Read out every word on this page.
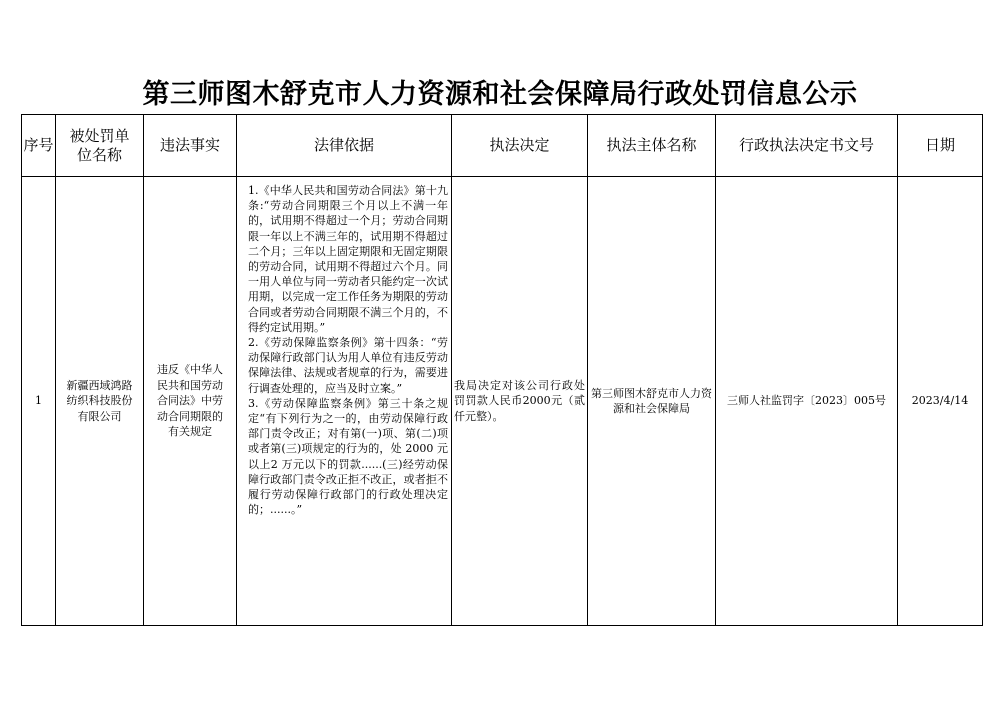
第三师图木舒克市人力资源和社会保障局行政处罚信息公示
序号	被处罚单位名称	违法事实	法律依据	执法决定	执法主体名称	行政执法决定书文号	日期
1	新疆西域鸿路纺织科技股份有限公司	违反《中华人民共和国劳动合同法》中劳动合同期限的有关规定	1.《中华人民共和国劳动合同法》第十九条:“劳动合同期限三个月以上不满一年的，试用期不得超过一个月；劳动合同期限一年以上不满三年的，试用期不得超过二个月；三年以上固定期限和无固定期限的劳动合同，试用期不得超过六个月。同一用人单位与同一劳动者只能约定一次试用期，以完成一定工作任务为期限的劳动合同或者劳动合同期限不满三个月的，不得约定试用期。”

2.《劳动保障监察条例》第十四条：“劳动保障行政部门认为用人单位有违反劳动保障法律、法规或者规章的行为，需要进行调查处理的，应当及时立案。”

3.《劳动保障监察条例》第三十条之规定“有下列行为之一的，由劳动保障行政部门责令改正；对有第(一)项、第(二)项或者第(三)项规定的行为的，处 2000 元以上2 万元以下的罚款......(三)经劳动保障行政部门责令改正拒不改正，或者拒不履行劳动保障行政部门的行政处理决定的；......。”	我局决定对该公司行政处罚罚款人民币2000元（贰仟元整）。	第三师图木舒克市人力资源和社会保障局	三师人社监罚字〔2023〕005号	2023/4/14
